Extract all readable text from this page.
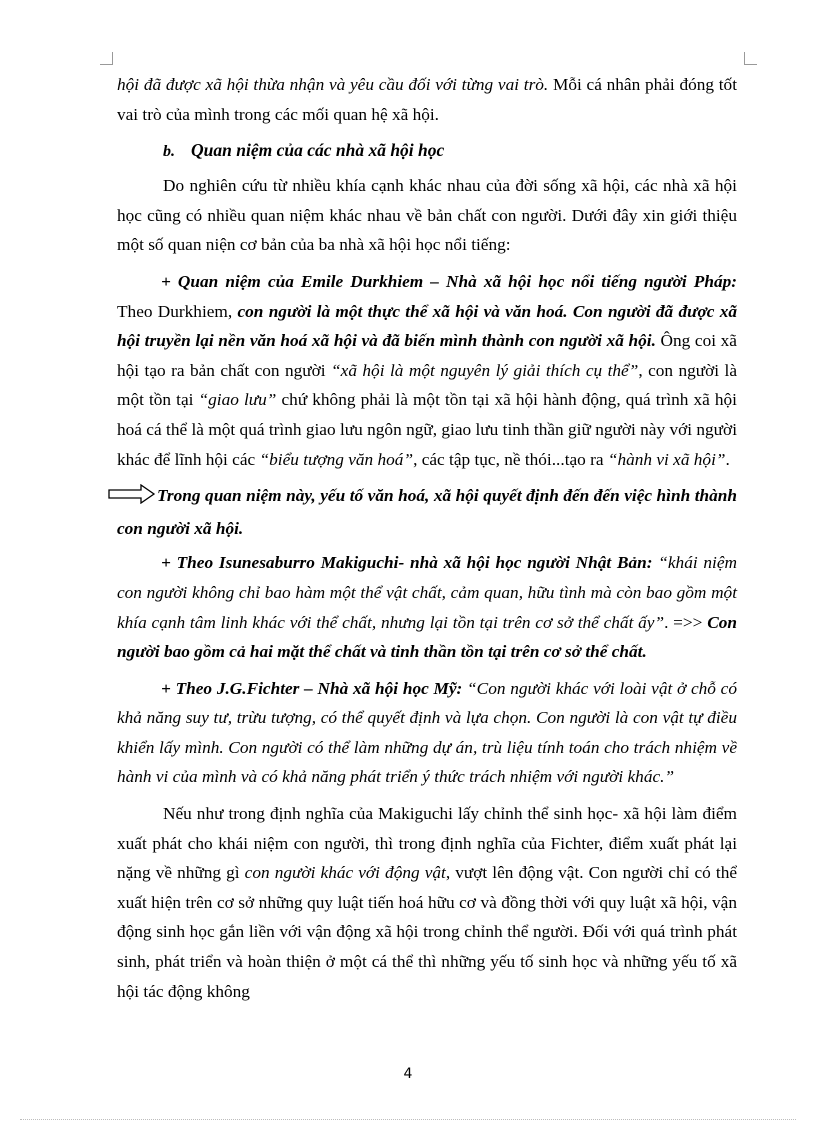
hội đã được xã hội thừa nhận và yêu cầu đối với từng vai trò. Mỗi cá nhân phải đóng tốt vai trò của mình trong các mối quan hệ xã hội.

b. Quan niệm của các nhà xã hội học

Do nghiên cứu từ nhiều khía cạnh khác nhau của đời sống xã hội, các nhà xã hội học cũng có nhiều quan niệm khác nhau về bản chất con người. Dưới đây xin giới thiệu một số quan niện cơ bản của ba nhà xã hội học nổi tiếng:

+ Quan niệm của Emile Durkhiem – Nhà xã hội học nổi tiếng người Pháp: Theo Durkhiem, con người là một thực thể xã hội và văn hoá. Con người đã được xã hội truyền lại nền văn hoá xã hội và đã biến mình thành con người xã hội. Ông coi xã hội tạo ra bản chất con người “xã hội là một nguyên lý giải thích cụ thể”, con người là một tồn tại “giao lưu” chứ không phải là một tồn tại xã hội hành động, quá trình xã hội hoá cá thể là một quá trình giao lưu ngôn ngữ, giao lưu tinh thần giữ người này với người khác để lĩnh hội các “biểu tượng văn hoá”, các tập tục, nề thói...tạo ra “hành vi xã hội”.

Trong quan niệm này, yếu tố văn hoá, xã hội quyết định đến đến việc hình thành con người xã hội.

+ Theo Isunesaburro Makiguchi- nhà xã hội học người Nhật Bản: “khái niệm con người không chỉ bao hàm một thể vật chất, cảm quan, hữu tình mà còn bao gồm một khía cạnh tâm linh khác với thể chất, nhưng lại tồn tại trên cơ sở thể chất ấy”. =>> Con người bao gồm cả hai mặt thể chất và tinh thần tồn tại trên cơ sở thể chất.

+ Theo J.G.Fichter – Nhà xã hội học Mỹ: “Con người khác với loài vật ở chỗ có khả năng suy tư, trừu tượng, có thể quyết định và lựa chọn. Con người là con vật tự điều khiển lấy mình. Con người có thể làm những dự án, trù liệu tính toán cho trách nhiệm về hành vi của mình và có khả năng phát triển ý thức trách nhiệm với người khác.”

Nếu như trong định nghĩa của Makiguchi lấy chỉnh thể sinh học- xã hội làm điểm xuất phát cho khái niệm con người, thì trong định nghĩa của Fichter, điểm xuất phát lại nặng về những gì con người khác với động vật, vượt lên động vật. Con người chỉ có thể xuất hiện trên cơ sở những quy luật tiến hoá hữu cơ và đồng thời với quy luật xã hội, vận động sinh học gắn liền với vận động xã hội trong chỉnh thể người. Đối với quá trình phát sinh, phát triển và hoàn thiện ở một cá thể thì những yếu tố sinh học và những yếu tố xã hội tác động không

4
